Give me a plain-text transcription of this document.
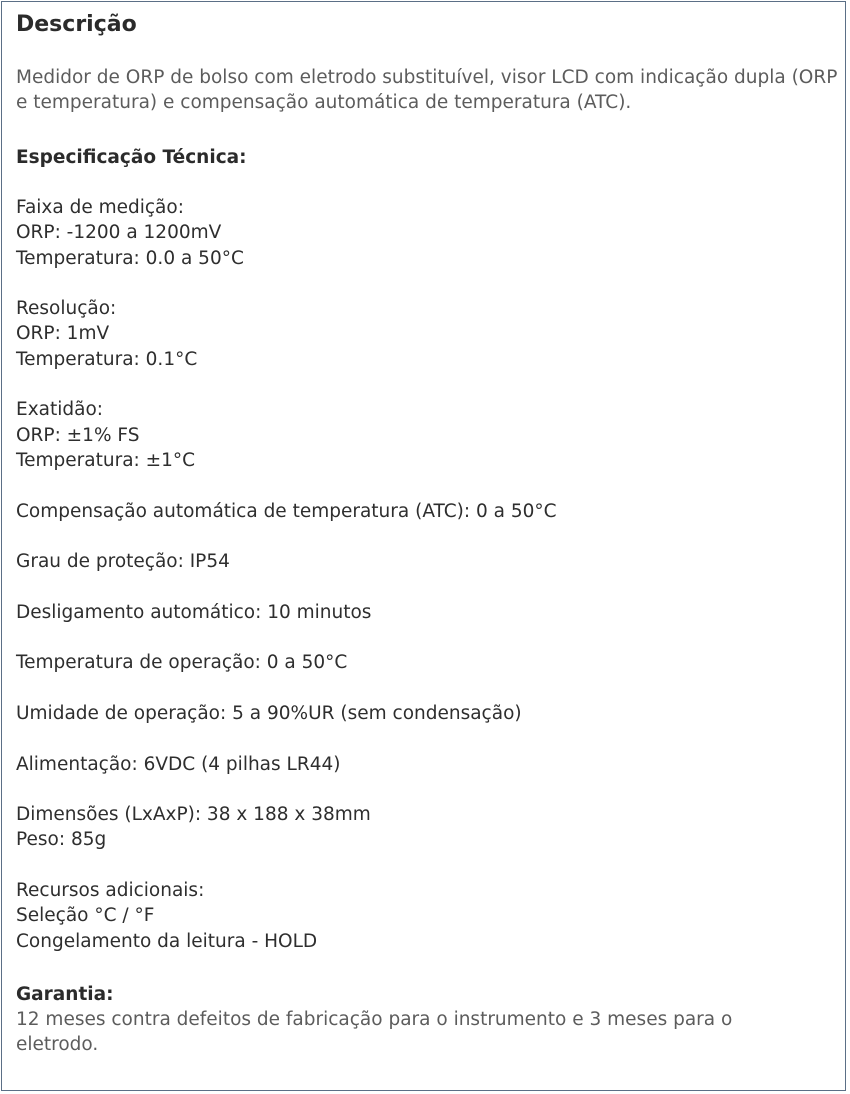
Descrição

Medidor de ORP de bolso com eletrodo substituível, visor LCD com indicação dupla (ORP e temperatura) e compensação automática de temperatura (ATC).

Especificação Técnica:
Faixa de medição:
ORP: -1200 a 1200mV
Temperatura: 0.0 a 50°C
Resolução:
ORP: 1mV
Temperatura: 0.1°C
Exatidão:
ORP: ±1% FS
Temperatura: ±1°C
Compensação automática de temperatura (ATC): 0 a 50°C
Grau de proteção: IP54
Desligamento automático: 10 minutos
Temperatura de operação: 0 a 50°C
Umidade de operação: 5 a 90%UR (sem condensação)
Alimentação: 6VDC (4 pilhas LR44)
Dimensões (LxAxP): 38 x 188 x 38mm
Peso: 85g
Recursos adicionais:
Seleção °C / °F
Congelamento da leitura - HOLD
Garantia:

12 meses contra defeitos de fabricação para o instrumento e 3 meses para o eletrodo.
